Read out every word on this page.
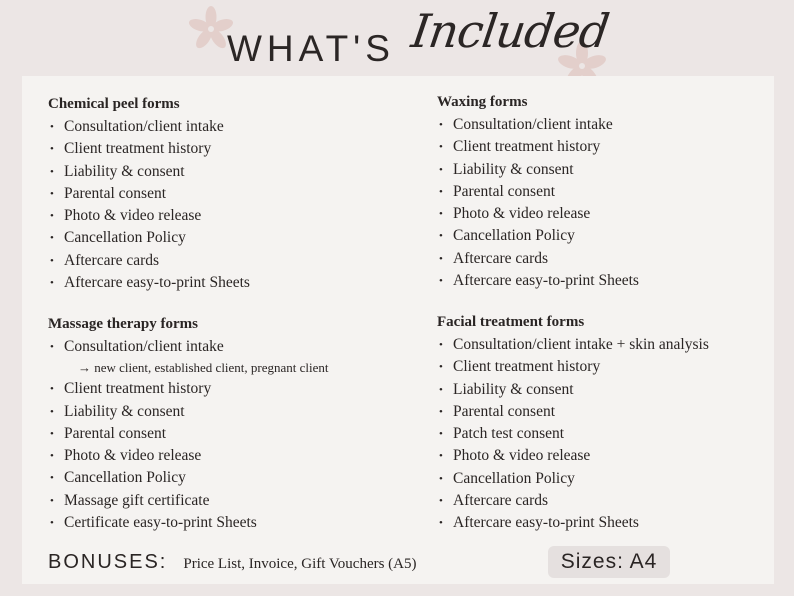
WHAT'S Included
Chemical peel forms
• Consultation/client intake
• Client treatment history
• Liability & consent
• Parental consent
• Photo & video release
• Cancellation Policy
• Aftercare cards
• Aftercare easy-to-print Sheets
Waxing forms
• Consultation/client intake
• Client treatment history
• Liability & consent
• Parental consent
• Photo & video release
• Cancellation Policy
• Aftercare cards
• Aftercare easy-to-print Sheets
Massage therapy forms
• Consultation/client intake
→ new client, established client, pregnant client
• Client treatment history
• Liability & consent
• Parental consent
• Photo & video release
• Cancellation Policy
• Massage gift certificate
• Certificate easy-to-print Sheets
Facial treatment forms
• Consultation/client intake + skin analysis
• Client treatment history
• Liability & consent
• Parental consent
• Patch test consent
• Photo & video release
• Cancellation Policy
• Aftercare cards
• Aftercare easy-to-print Sheets
BONUSES: Price List, Invoice, Gift Vouchers (A5)	Sizes: A4
